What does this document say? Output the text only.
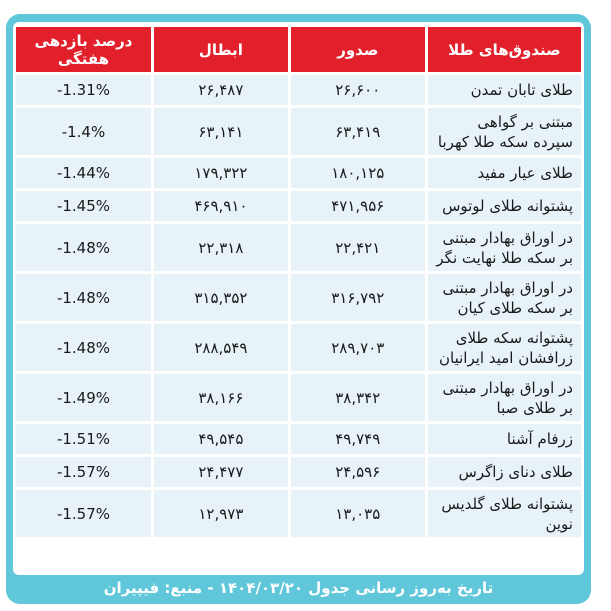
صندوق‌های طلا	صدور	ابطال	درصد بازدهی هفتگی
طلای تابان تمدن	۲۶,۶۰۰	۲۶,۴۸۷	-1.31%
مبتنی بر گواهی سپرده سکه طلا کهربا	۶۳,۴۱۹	۶۳,۱۴۱	-1.4%
طلای عیار مفید	۱۸۰,۱۲۵	۱۷۹,۳۲۲	-1.44%
پشتوانه طلای لوتوس	۴۷۱,۹۵۶	۴۶۹,۹۱۰	-1.45%
در اوراق بهادار مبتنی بر سکه طلا نهایت نگر	۲۲,۴۲۱	۲۲,۳۱۸	-1.48%
در اوراق بهادار مبتنی بر سکه طلای کیان	۳۱۶,۷۹۲	۳۱۵,۳۵۲	-1.48%
پشتوانه سکه طلای زرافشان امید ایرانیان	۲۸۹,۷۰۳	۲۸۸,۵۴۹	-1.48%
در اوراق بهادار مبتنی بر طلای صبا	۳۸,۳۴۲	۳۸,۱۶۶	-1.49%
زرفام آشنا	۴۹,۷۴۹	۴۹,۵۴۵	-1.51%
طلای دنای زاگرس	۲۴,۵۹۶	۲۴,۴۷۷	-1.57%
پشتوانه طلای گلدیس نوین	۱۳,۰۳۵	۱۲,۹۷۳	-1.57%
تاریخ به‌روز رسانی جدول ۱۴۰۴/۰۳/۲۰ - منبع: فیپیران
